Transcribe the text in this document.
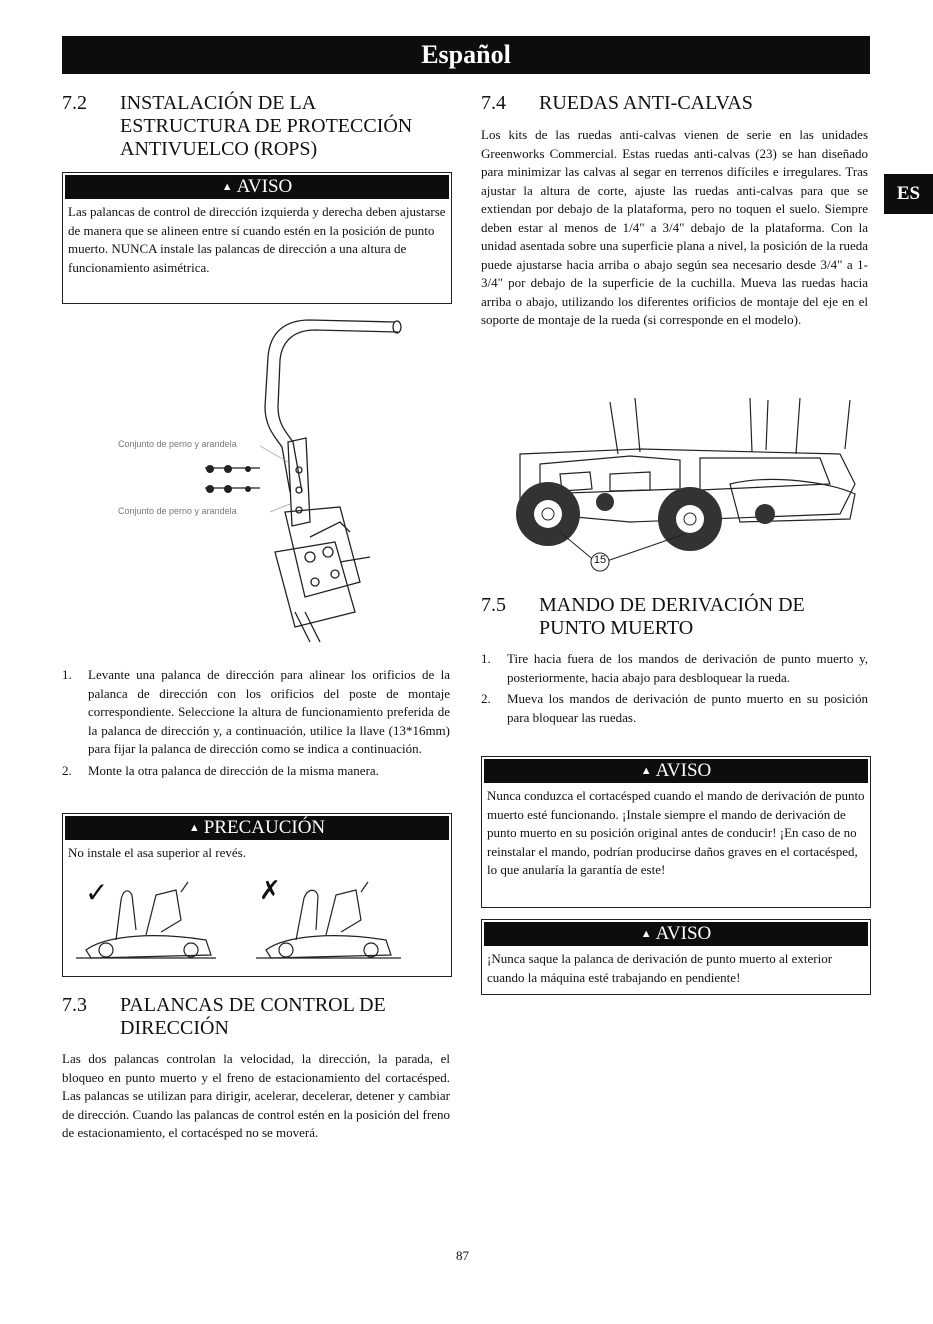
Español
ES
7.2 INSTALACIÓN DE LA ESTRUCTURA DE PROTECCIÓN ANTIVUELCO (ROPS)
▲ AVISO
Las palancas de control de dirección izquierda y derecha deben ajustarse de manera que se alineen entre sí cuando estén en la posición de punto muerto. NUNCA instale las palancas de dirección a una altura de funcionamiento asimétrica.
Conjunto de perno y arandela
Conjunto de perno y arandela
1. Levante una palanca de dirección para alinear los orificios de la palanca de dirección con los orificios del poste de montaje correspondiente. Seleccione la altura de funcionamiento preferida de la palanca de dirección y, a continuación, utilice la llave (13*16mm) para fijar la palanca de dirección como se indica a continuación.
2. Monte la otra palanca de dirección de la misma manera.
▲ PRECAUCIÓN
No instale el asa superior al revés.
✓	✗
7.3 PALANCAS DE CONTROL DE DIRECCIÓN
Las dos palancas controlan la velocidad, la dirección, la parada, el bloqueo en punto muerto y el freno de estacionamiento del cortacésped. Las palancas se utilizan para dirigir, acelerar, decelerar, detener y cambiar de dirección. Cuando las palancas de control estén en la posición del freno de estacionamiento, el cortacésped no se moverá.
7.4 RUEDAS ANTI-CALVAS
Los kits de las ruedas anti-calvas vienen de serie en las unidades Greenworks Commercial. Estas ruedas anti-calvas (23) se han diseñado para minimizar las calvas al segar en terrenos difíciles e irregulares. Tras ajustar la altura de corte, ajuste las ruedas anti-calvas para que se extiendan por debajo de la plataforma, pero no toquen el suelo. Siempre deben estar al menos de 1/4" a 3/4" debajo de la plataforma. Con la unidad asentada sobre una superficie plana a nivel, la posición de la rueda puede ajustarse hacia arriba o abajo según sea necesario desde 3/4" a 1-3/4" por debajo de la superficie de la cuchilla. Mueva las ruedas hacia arriba o abajo, utilizando los diferentes orificios de montaje del eje en el soporte de montaje de la rueda (si corresponde en el modelo).
15
7.5 MANDO DE DERIVACIÓN DE PUNTO MUERTO
1. Tire hacia fuera de los mandos de derivación de punto muerto y, posteriormente, hacia abajo para desbloquear la rueda.
2. Mueva los mandos de derivación de punto muerto en su posición para bloquear las ruedas.
▲ AVISO
Nunca conduzca el cortacésped cuando el mando de derivación de punto muerto esté funcionando. ¡Instale siempre el mando de derivación de punto muerto en su posición original antes de conducir! ¡En caso de no reinstalar el mando, podrían producirse daños graves en el cortacésped, lo que anularía la garantía de este!
▲ AVISO
¡Nunca saque la palanca de derivación de punto muerto al exterior cuando la máquina esté trabajando en pendiente!
87
